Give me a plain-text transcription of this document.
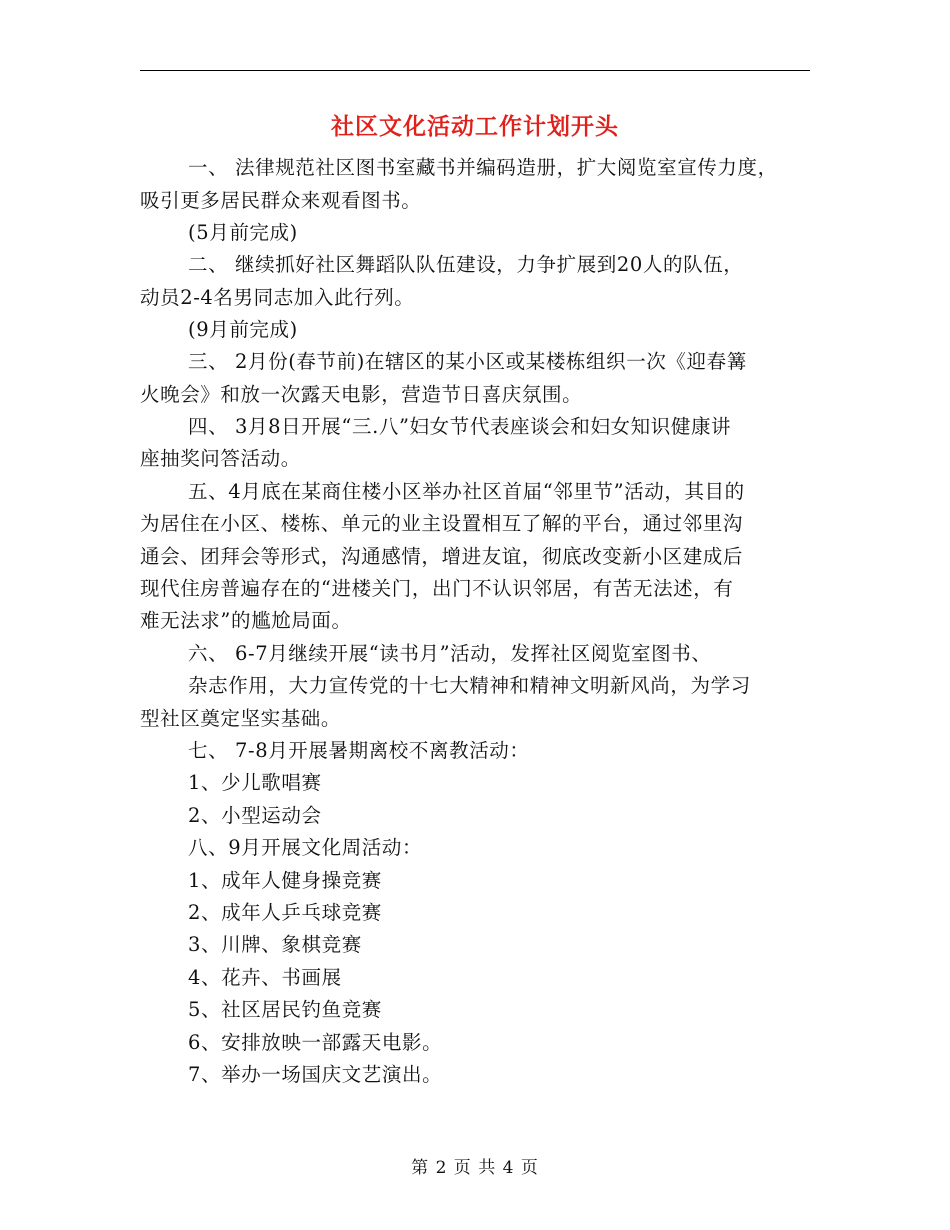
社区文化活动工作计划开头
一、 法律规范社区图书室藏书并编码造册，扩大阅览室宣传力度，
吸引更多居民群众来观看图书。
(5月前完成)
二、 继续抓好社区舞蹈队队伍建设，力争扩展到20人的队伍，
动员2-4名男同志加入此行列。
(9月前完成)
三、 2月份(春节前)在辖区的某小区或某楼栋组织一次《迎春篝
火晚会》和放一次露天电影，营造节日喜庆氛围。
四、 3月8日开展“三.八”妇女节代表座谈会和妇女知识健康讲
座抽奖问答活动。
五、4月底在某商住楼小区举办社区首届“邻里节”活动，其目的
为居住在小区、楼栋、单元的业主设置相互了解的平台，通过邻里沟
通会、团拜会等形式，沟通感情，增进友谊，彻底改变新小区建成后
现代住房普遍存在的“进楼关门，出门不认识邻居，有苦无法述，有
难无法求”的尴尬局面。
六、 6-7月继续开展“读书月”活动，发挥社区阅览室图书、
杂志作用，大力宣传党的十七大精神和精神文明新风尚，为学习
型社区奠定坚实基础。
七、 7-8月开展暑期离校不离教活动：
1、少儿歌唱赛
2、小型运动会
八、9月开展文化周活动：
1、成年人健身操竞赛
2、成年人乒乓球竞赛
3、川牌、象棋竞赛
4、花卉、书画展
5、社区居民钓鱼竞赛
6、安排放映一部露天电影。
7、举办一场国庆文艺演出。
第 2 页 共 4 页
